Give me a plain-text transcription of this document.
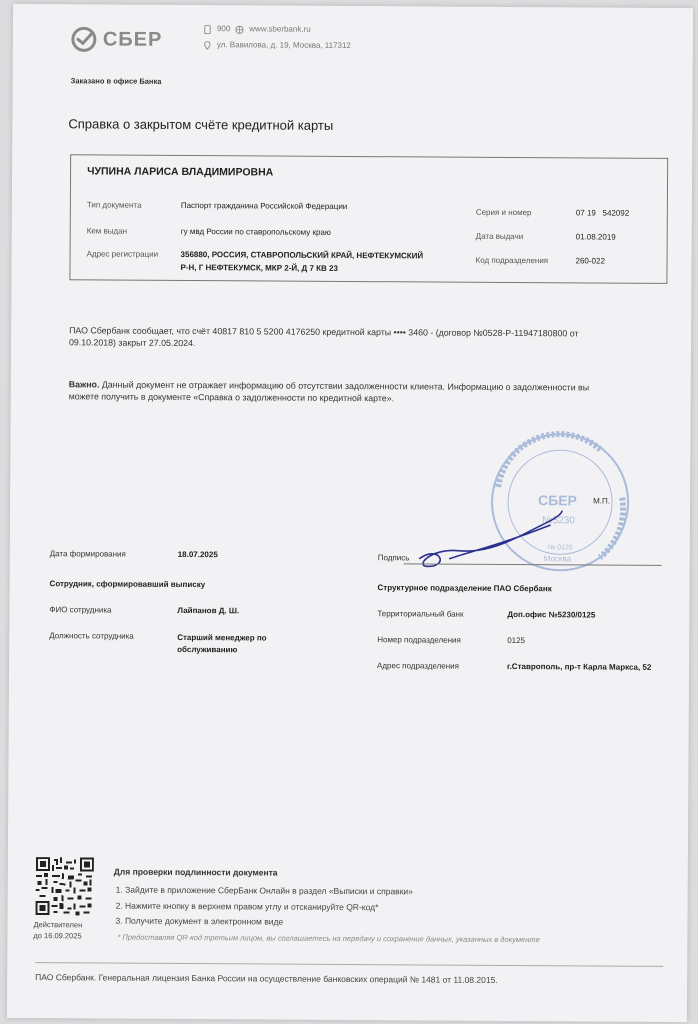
СБЕР	900 www.sberbank.ru
ул. Вавилова, д. 19, Москва, 117312
Заказано в офисе Банка
Справка о закрытом счёте кредитной карты
ЧУПИНА ЛАРИСА ВЛАДИМИРОВНА
Тип документа	Паспорт гражданина Российской Федерации
Кем выдан	гу мвд России по ставропольскому краю
Адрес регистрации	356880, РОССИЯ, СТАВРОПОЛЬСКИЙ КРАЙ, НЕФТЕКУМСКИЙ
Р-Н, Г НЕФТЕКУМСК, МКР 2-Й, Д 7 КВ 23
Серия и номер	07 19   542092
Дата выдачи	01.08.2019
Код подразделения	260-022
ПАО Сбербанк сообщает, что счёт 40817 810 5 5200 4176250 кредитной карты •••• 3460 - (договор №0528-Р-11947180800 от
09.10.2018) закрыт 27.05.2024.
Важно. Данный документ не отражает информацию об отсутствии задолженности клиента. Информацию о задолженности вы
можете получить в документе «Справка о задолженности по кредитной карте».
СБЕР
№5230
Москва
№ 0125
М.П.
Дата формирования	18.07.2025	Подпись
Сотрудник, сформировавший выписку	Структурное подразделение ПАО Сбербанк
ФИО сотрудника	Лайпанов Д. Ш.	Территориальный банк	Доп.офис №5230/0125
Должность сотрудника	Старший менеджер по
обслуживанию
Номер подразделения	0125
Адрес подразделения	г.Ставрополь, пр-т Карла Маркса, 52
Действителен
до 16.09.2025
Для проверки подлинности документа
1. Зайдите в приложение СберБанк Онлайн в раздел «Выписки и справки»
2. Нажмите кнопку в верхнем правом углу и отсканируйте QR-код*
3. Получите документ в электронном виде
* Предоставляя QR-код третьим лицом, вы соглашаетесь на передачу и сохранение данных, указанных в документе
ПАО Сбербанк. Генеральная лицензия Банка России на осуществление банковских операций № 1481 от 11.08.2015.
